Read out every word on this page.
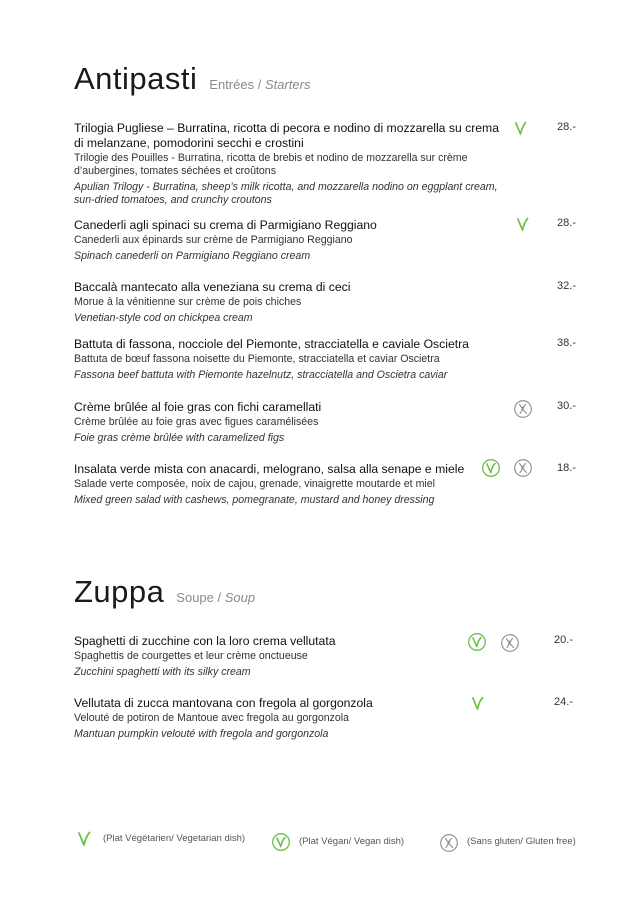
Antipasti Entrées / Starters
Trilogia Pugliese – Burratina, ricotta di pecora e nodino di mozzarella su crema di melanzane, pomodorini secchi e crostini
Trilogie des Pouilles - Burratina, ricotta de brebis et nodino de mozzarella sur crème d’aubergines, tomates séchées et croûtons
Apulian Trilogy - Burratina, sheep’s milk ricotta, and mozzarella nodino on eggplant cream, sun-dried tomatoes, and crunchy croutons
28.-
Canederli agli spinaci su crema di Parmigiano Reggiano
Canederli aux épinards sur crème de Parmigiano Reggiano
Spinach canederli on Parmigiano Reggiano cream
28.-
Baccalà mantecato alla veneziana su crema di ceci
Morue à la vénitienne sur crème de pois chiches
Venetian-style cod on chickpea cream
32.-
Battuta di fassona, nocciole del Piemonte, stracciatella e caviale Oscietra
Battuta de bœuf fassona noisette du Piemonte, stracciatella et caviar Oscietra
Fassona beef battuta with Piemonte hazelnutz, stracciatella and Oscietra caviar
38.-
Crème brûlée al foie gras con fichi caramellati
Crème brûlée au foie gras avec figues caramélisées
Foie gras crème brûlée with caramelized figs
30.-
Insalata verde mista con anacardi, melograno, salsa alla senape e miele
Salade verte composée, noix de cajou, grenade, vinaigrette moutarde et miel
Mixed green salad with cashews, pomegranate, mustard and honey dressing
18.-
Zuppa Soupe / Soup
Spaghetti di zucchine con la loro crema vellutata
Spaghettis de courgettes et leur crème onctueuse
Zucchini spaghetti with its silky cream
20.-
Vellutata di zucca mantovana con fregola al gorgonzola
Velouté de potiron de Mantoue avec fregola au gorgonzola
Mantuan pumpkin velouté with fregola and gorgonzola
24.-
(Plat Végétarien/ Vegetarian dish)	(Plat Végan/ Vegan dish)	(Sans gluten/ Gluten free)
